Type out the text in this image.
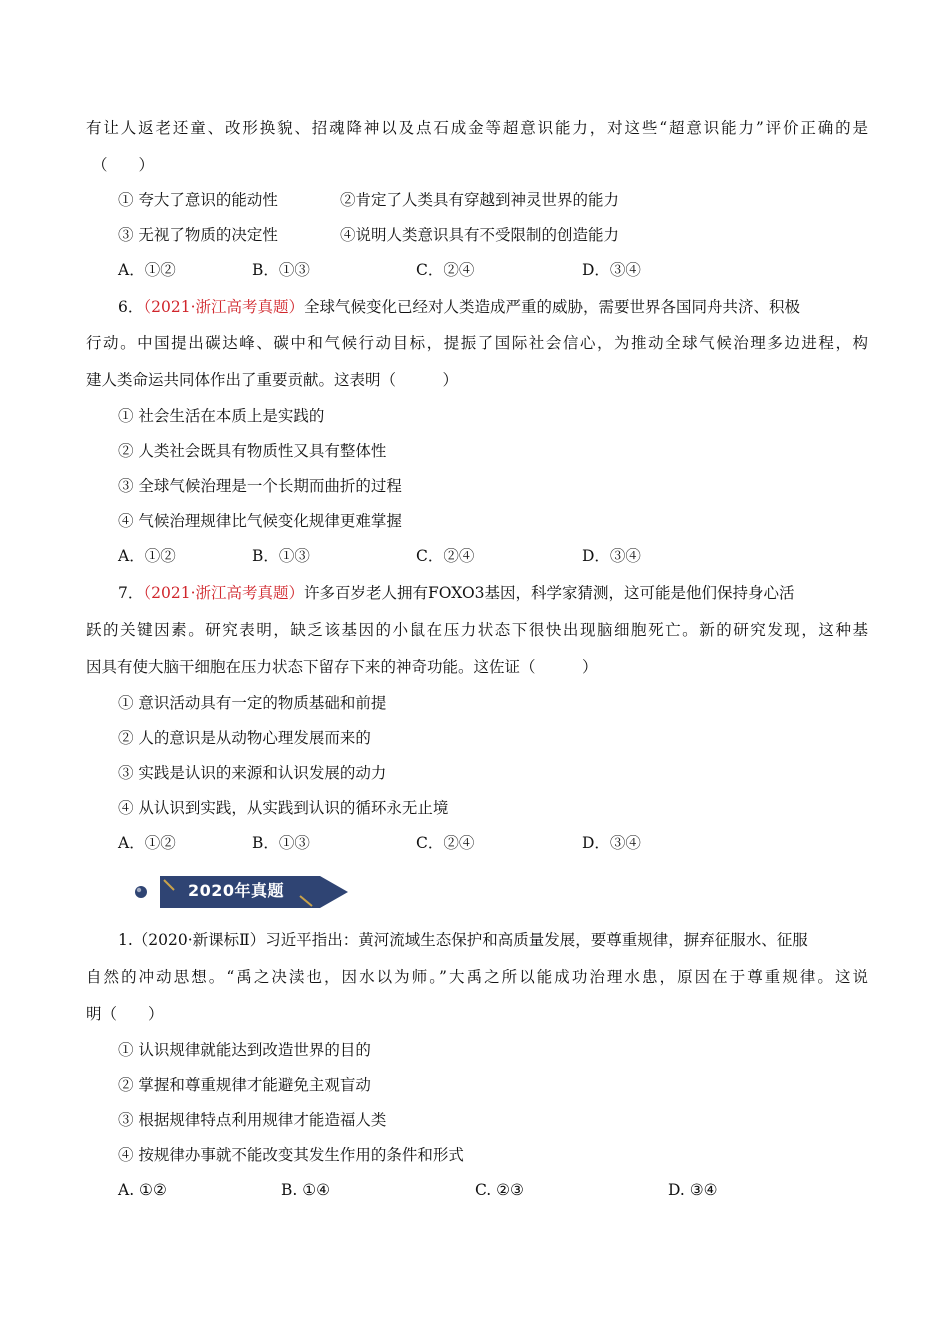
有让人返老还童、改形换貌、招魂降神以及点石成金等超意识能力，对这些“超意识能力”评价正确的是
（　　）
① 夸大了意识的能动性	②肯定了人类具有穿越到神灵世界的能力
③ 无视了物质的决定性	④说明人类意识具有不受限制的创造能力
A．①②	B．①③	C．②④	D．③④
6．（2021·浙江高考真题）全球气候变化已经对人类造成严重的威胁，需要世界各国同舟共济、积极
行动。中国提出碳达峰、碳中和气候行动目标，提振了国际社会信心，为推动全球气候治理多边进程，构
建人类命运共同体作出了重要贡献。这表明（　　　）
① 社会生活在本质上是实践的
② 人类社会既具有物质性又具有整体性
③ 全球气候治理是一个长期而曲折的过程
④ 气候治理规律比气候变化规律更难掌握
A．①②	B．①③	C．②④	D．③④
7．（2021·浙江高考真题）许多百岁老人拥有FOXO3基因，科学家猜测，这可能是他们保持身心活
跃的关键因素。研究表明，缺乏该基因的小鼠在压力状态下很快出现脑细胞死亡。新的研究发现，这种基
因具有使大脑干细胞在压力状态下留存下来的神奇功能。这佐证（　　　）
① 意识活动具有一定的物质基础和前提
② 人的意识是从动物心理发展而来的
③ 实践是认识的来源和认识发展的动力
④ 从认识到实践，从实践到认识的循环永无止境
A．①②	B．①③	C．②④	D．③④
2020年真题
1.（2020·新课标Ⅱ）习近平指出：黄河流域生态保护和高质量发展，要尊重规律，摒弃征服水、征服
自然的冲动思想。“禹之决渎也，因水以为师。”大禹之所以能成功治理水患，原因在于尊重规律。这说
明（　　）
① 认识规律就能达到改造世界的目的
② 掌握和尊重规律才能避免主观盲动
③ 根据规律特点利用规律才能造福人类
④ 按规律办事就不能改变其发生作用的条件和形式
A. ①②	B. ①④	C. ②③	D. ③④
